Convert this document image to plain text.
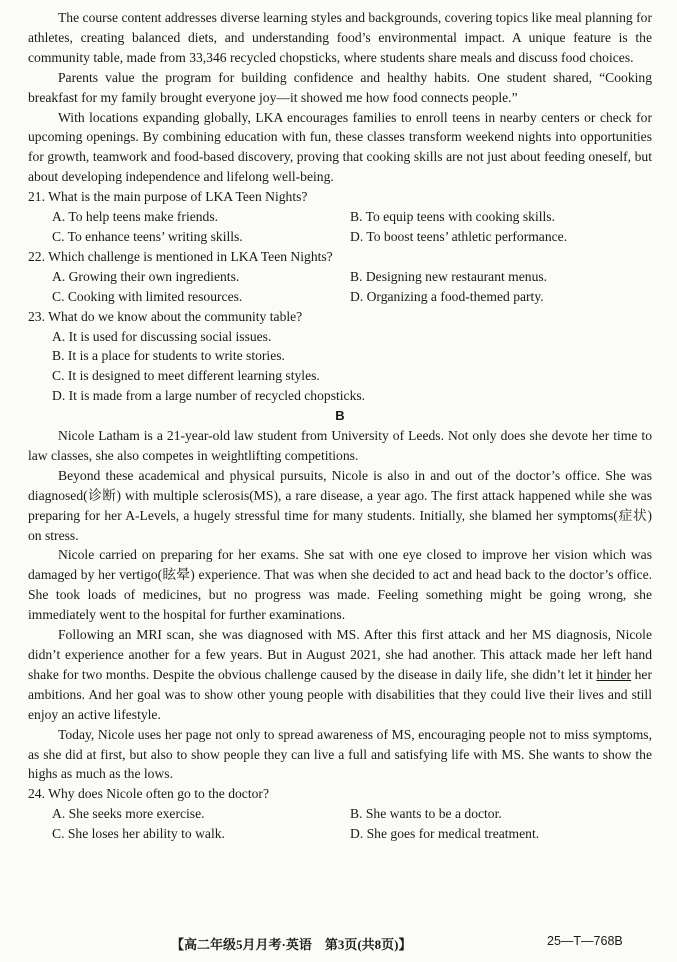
The course content addresses diverse learning styles and backgrounds, covering topics like meal planning for athletes, creating balanced diets, and understanding food’s environmental impact. A unique feature is the community table, made from 33,346 recycled chopsticks, where students share meals and discuss food choices.

Parents value the program for building confidence and healthy habits. One student shared, “Cooking breakfast for my family brought everyone joy—it showed me how food connects people.”

With locations expanding globally, LKA encourages families to enroll teens in nearby centers or check for upcoming openings. By combining education with fun, these classes transform weekend nights into opportunities for growth, teamwork and food-based discovery, proving that cooking skills are not just about feeding oneself, but about developing independence and lifelong well-being.

21. What is the main purpose of LKA Teen Nights?

A. To help teens make friends.	B. To equip teens with cooking skills.
C. To enhance teens’ writing skills.	D. To boost teens’ athletic performance.

22. Which challenge is mentioned in LKA Teen Nights?

A. Growing their own ingredients.	B. Designing new restaurant menus.
C. Cooking with limited resources.	D. Organizing a food-themed party.

23. What do we know about the community table?

A. It is used for discussing social issues.
B. It is a place for students to write stories.
C. It is designed to meet different learning styles.
D. It is made from a large number of recycled chopsticks.
B

Nicole Latham is a 21-year-old law student from University of Leeds. Not only does she devote her time to law classes, she also competes in weightlifting competitions.

Beyond these academical and physical pursuits, Nicole is also in and out of the doctor’s office. She was diagnosed(诊断) with multiple sclerosis(MS), a rare disease, a year ago. The first attack happened while she was preparing for her A-Levels, a hugely stressful time for many students. Initially, she blamed her symptoms(症状) on stress.

Nicole carried on preparing for her exams. She sat with one eye closed to improve her vision which was damaged by her vertigo(眩晕) experience. That was when she decided to act and head back to the doctor’s office. She took loads of medicines, but no progress was made. Feeling something might be going wrong, she immediately went to the hospital for further examinations.

Following an MRI scan, she was diagnosed with MS. After this first attack and her MS diagnosis, Nicole didn’t experience another for a few years. But in August 2021, she had another. This attack made her left hand shake for two months. Despite the obvious challenge caused by the disease in daily life, she didn’t let it hinder her ambitions. And her goal was to show other young people with disabilities that they could live their lives and still enjoy an active lifestyle.

Today, Nicole uses her page not only to spread awareness of MS, encouraging people not to miss symptoms, as she did at first, but also to show people they can live a full and satisfying life with MS. She wants to show the highs as much as the lows.

24. Why does Nicole often go to the doctor?

A. She seeks more exercise.	B. She wants to be a doctor.
C. She loses her ability to walk.	D. She goes for medical treatment.
【高二年级5月月考·英语　第3页(共8页)】	25—T—768B
